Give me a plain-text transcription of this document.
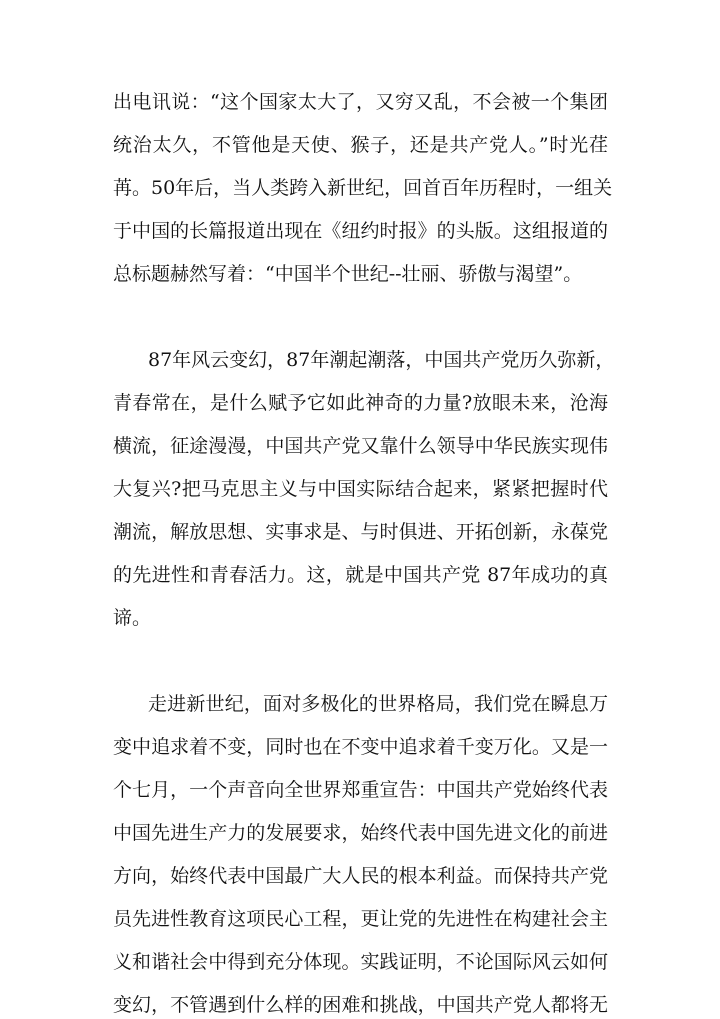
出电讯说：“这个国家太大了，又穷又乱，不会被一个集团
统治太久，不管他是天使、猴子，还是共产党人。”时光荏
苒。50年后，当人类跨入新世纪，回首百年历程时，一组关
于中国的长篇报道出现在《纽约时报》的头版。这组报道的
总标题赫然写着：“中国半个世纪--壮丽、骄傲与渴望”。
87年风云变幻，87年潮起潮落，中国共产党历久弥新，
青春常在，是什么赋予它如此神奇的力量?放眼未来，沧海
横流，征途漫漫，中国共产党又靠什么领导中华民族实现伟
大复兴?把马克思主义与中国实际结合起来，紧紧把握时代
潮流，解放思想、实事求是、与时俱进、开拓创新，永葆党
的先进性和青春活力。这，就是中国共产党 87年成功的真
谛。
走进新世纪，面对多极化的世界格局，我们党在瞬息万
变中追求着不变，同时也在不变中追求着千变万化。又是一
个七月，一个声音向全世界郑重宣告：中国共产党始终代表
中国先进生产力的发展要求，始终代表中国先进文化的前进
方向，始终代表中国最广大人民的根本利益。而保持共产党
员先进性教育这项民心工程，更让党的先进性在构建社会主
义和谐社会中得到充分体现。实践证明，不论国际风云如何
变幻，不管遇到什么样的困难和挑战，中国共产党人都将无
